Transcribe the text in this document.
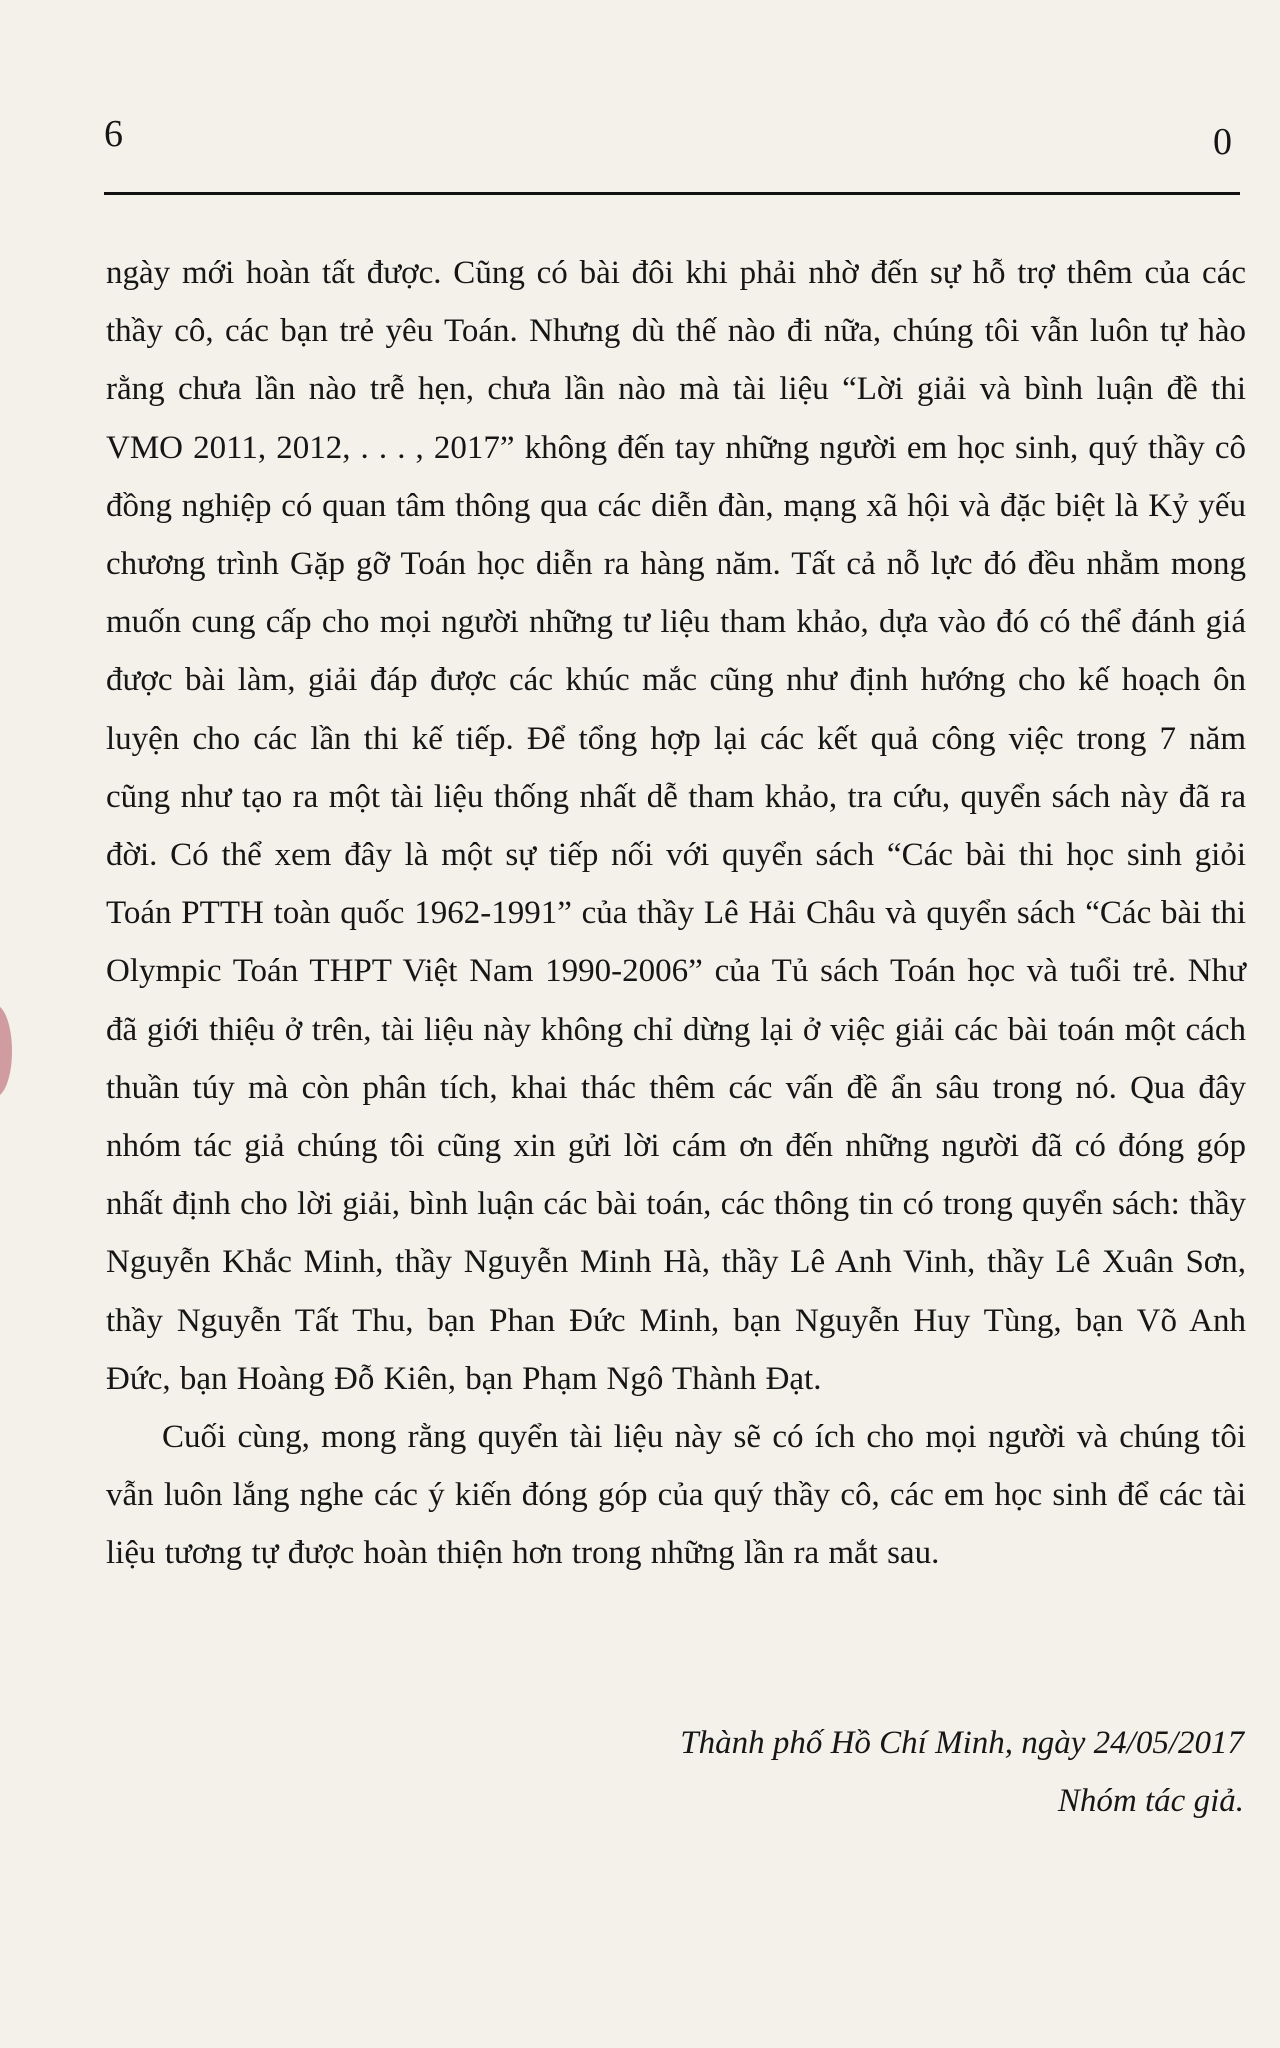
6	0

ngày mới hoàn tất được. Cũng có bài đôi khi phải nhờ đến sự hỗ trợ thêm của các thầy cô, các bạn trẻ yêu Toán. Nhưng dù thế nào đi nữa, chúng tôi vẫn luôn tự hào rằng chưa lần nào trễ hẹn, chưa lần nào mà tài liệu “Lời giải và bình luận đề thi VMO 2011, 2012, . . . , 2017” không đến tay những người em học sinh, quý thầy cô đồng nghiệp có quan tâm thông qua các diễn đàn, mạng xã hội và đặc biệt là Kỷ yếu chương trình Gặp gỡ Toán học diễn ra hàng năm. Tất cả nỗ lực đó đều nhằm mong muốn cung cấp cho mọi người những tư liệu tham khảo, dựa vào đó có thể đánh giá được bài làm, giải đáp được các khúc mắc cũng như định hướng cho kế hoạch ôn luyện cho các lần thi kế tiếp. Để tổng hợp lại các kết quả công việc trong 7 năm cũng như tạo ra một tài liệu thống nhất dễ tham khảo, tra cứu, quyển sách này đã ra đời. Có thể xem đây là một sự tiếp nối với quyển sách “Các bài thi học sinh giỏi Toán PTTH toàn quốc 1962-1991” của thầy Lê Hải Châu và quyển sách “Các bài thi Olympic Toán THPT Việt Nam 1990-2006” của Tủ sách Toán học và tuổi trẻ. Như đã giới thiệu ở trên, tài liệu này không chỉ dừng lại ở việc giải các bài toán một cách thuần túy mà còn phân tích, khai thác thêm các vấn đề ẩn sâu trong nó. Qua đây nhóm tác giả chúng tôi cũng xin gửi lời cám ơn đến những người đã có đóng góp nhất định cho lời giải, bình luận các bài toán, các thông tin có trong quyển sách: thầy Nguyễn Khắc Minh, thầy Nguyễn Minh Hà, thầy Lê Anh Vinh, thầy Lê Xuân Sơn, thầy Nguyễn Tất Thu, bạn Phan Đức Minh, bạn Nguyễn Huy Tùng, bạn Võ Anh Đức, bạn Hoàng Đỗ Kiên, bạn Phạm Ngô Thành Đạt.

Cuối cùng, mong rằng quyển tài liệu này sẽ có ích cho mọi người và chúng tôi vẫn luôn lắng nghe các ý kiến đóng góp của quý thầy cô, các em học sinh để các tài liệu tương tự được hoàn thiện hơn trong những lần ra mắt sau.

Thành phố Hồ Chí Minh, ngày 24/05/2017
Nhóm tác giả.
